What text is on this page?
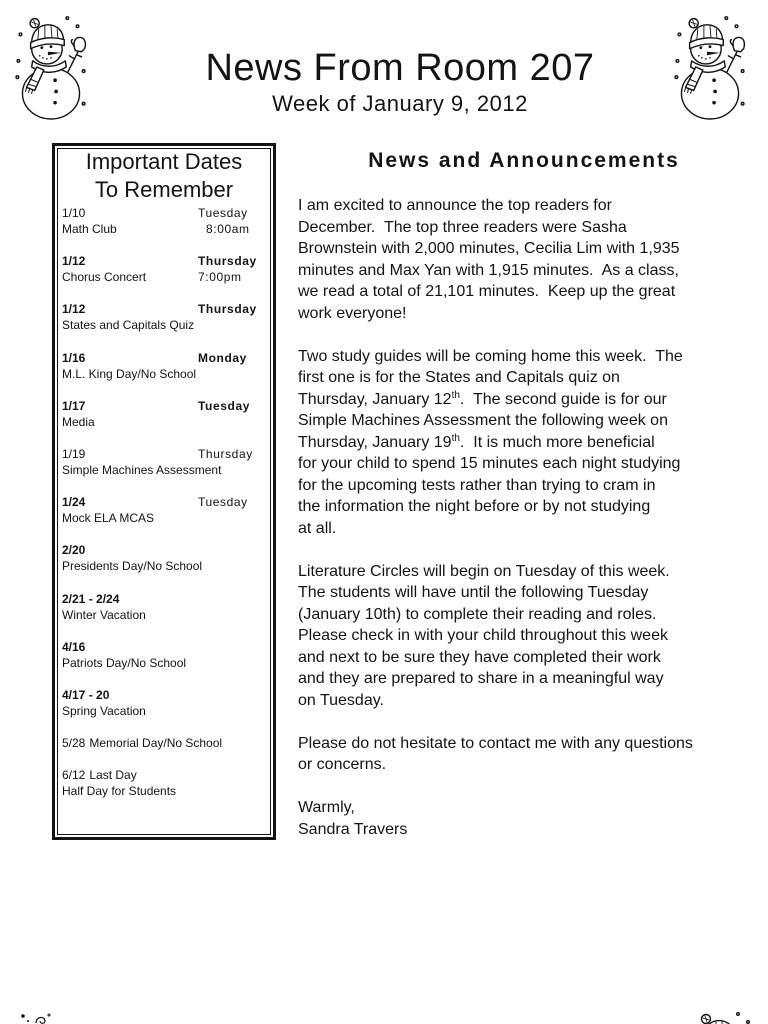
News From Room 207
Week of January 9, 2012
Important Dates
To Remember
1/10	Tuesday
Math Club	8:00am
1/12	Thursday
Chorus Concert	7:00pm
1/12	Thursday
States and Capitals Quiz
1/16	Monday
M.L. King Day/No School
1/17	Tuesday
Media
1/19	Thursday
Simple Machines Assessment
1/24	Tuesday
Mock ELA MCAS
2/20
Presidents Day/No School
2/21 - 2/24
Winter Vacation
4/16
Patriots Day/No School
4/17 - 20
Spring Vacation
5/28 Memorial Day/No School
6/12 Last Day
Half Day for Students
News and Announcements
I am excited to announce the top readers for
December.  The top three readers were Sasha
Brownstein with 2,000 minutes, Cecilia Lim with 1,935
minutes and Max Yan with 1,915 minutes.  As a class,
we read a total of 21,101 minutes.  Keep up the great
work everyone!
Two study guides will be coming home this week.  The
first one is for the States and Capitals quiz on
Thursday, January 12th.  The second guide is for our
Simple Machines Assessment the following week on
Thursday, January 19th.  It is much more beneficial
for your child to spend 15 minutes each night studying
for the upcoming tests rather than trying to cram in
the information the night before or by not studying
at all.
Literature Circles will begin on Tuesday of this week.
The students will have until the following Tuesday
(January 10th) to complete their reading and roles.
Please check in with your child throughout this week
and next to be sure they have completed their work
and they are prepared to share in a meaningful way
on Tuesday.
Please do not hesitate to contact me with any questions
or concerns.
Warmly,
Sandra Travers
